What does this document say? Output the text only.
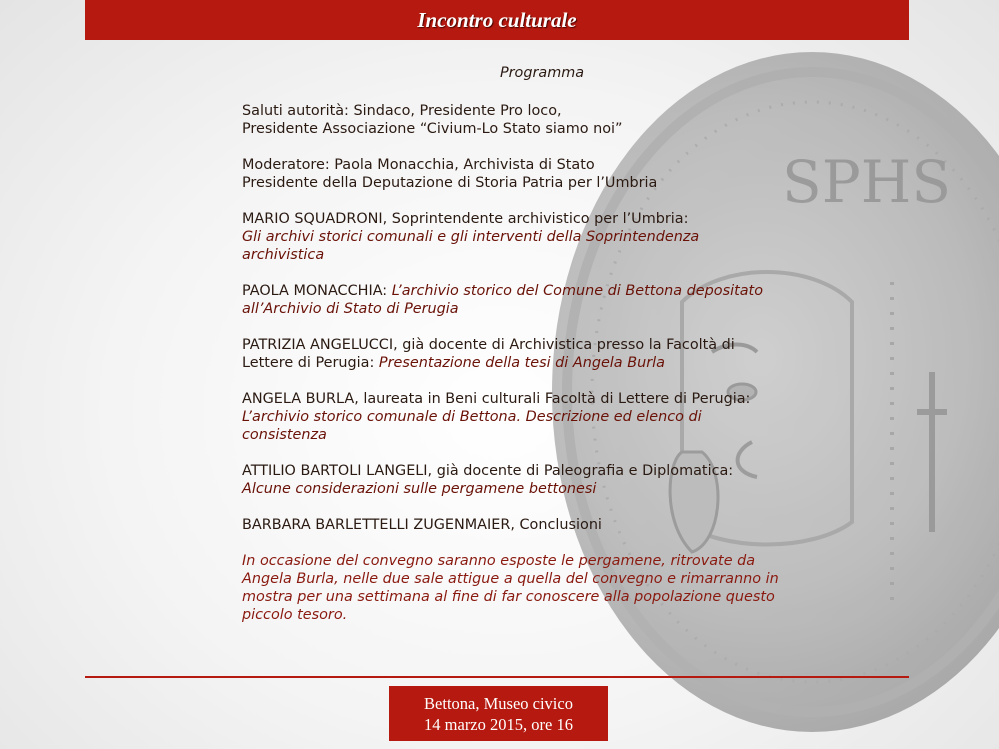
Incontro culturale
SPHS
Programma
Saluti autorità: Sindaco, Presidente Pro loco,
Presidente Associazione “Civium-Lo Stato siamo noi”
Moderatore: Paola Monacchia, Archivista di Stato
Presidente della Deputazione di Storia Patria per l’Umbria
MARIO SQUADRONI, Soprintendente archivistico per l’Umbria:
Gli archivi storici comunali e gli interventi della Soprintendenza archivistica
PAOLA MONACCHIA: L’archivio storico del Comune di Bettona depositato all’Archivio di Stato di Perugia
PATRIZIA ANGELUCCI, già docente di Archivistica presso la Facoltà di Lettere di Perugia: Presentazione della tesi di Angela Burla
ANGELA BURLA, laureata in Beni culturali Facoltà di Lettere di Perugia: L’archivio storico comunale di Bettona. Descrizione ed elenco di consistenza
ATTILIO BARTOLI LANGELI, già docente di Paleografia e Diplomatica: Alcune considerazioni sulle pergamene bettonesi
BARBARA BARLETTELLI ZUGENMAIER, Conclusioni
In occasione del convegno saranno esposte le pergamene, ritrovate da Angela Burla, nelle due sale attigue a quella del convegno e rimarranno in mostra per una settimana al fine di far conoscere alla popolazione questo piccolo tesoro.
Bettona, Museo civico
14 marzo 2015, ore 16
